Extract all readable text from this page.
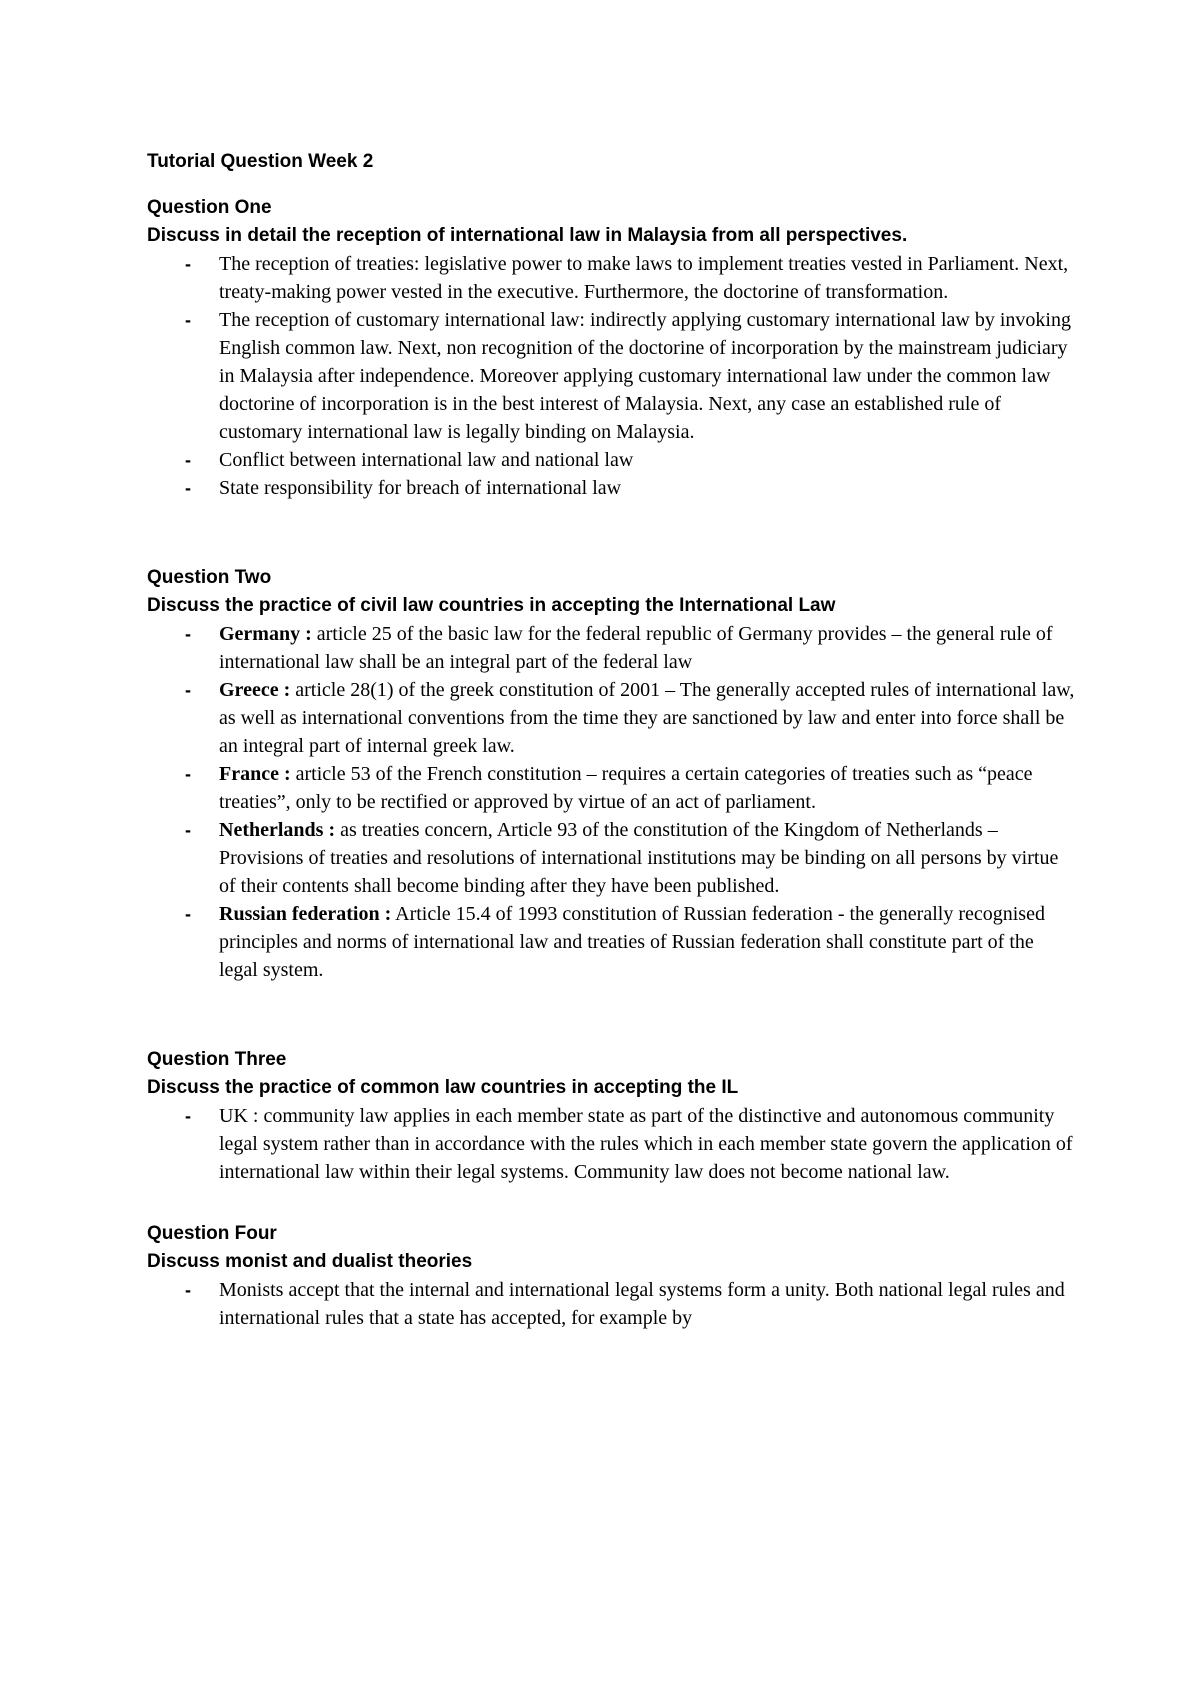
Tutorial Question Week 2

Question One

Discuss in detail the reception of international law in Malaysia from all perspectives.

- The reception of treaties: legislative power to make laws to implement treaties vested in Parliament. Next, treaty-making power vested in the executive. Furthermore, the doctorine of transformation.
- The reception of customary international law: indirectly applying customary international law by invoking English common law. Next, non recognition of the doctorine of incorporation by the mainstream judiciary in Malaysia after independence. Moreover applying customary international law under the common law doctorine of incorporation is in the best interest of Malaysia. Next, any case an established rule of customary international law is legally binding on Malaysia.
- Conflict between international law and national law
- State responsibility for breach of international law

Question Two

Discuss the practice of civil law countries in accepting the International Law

- Germany : article 25 of the basic law for the federal republic of Germany provides – the general rule of international law shall be an integral part of the federal law
- Greece : article 28(1) of the greek constitution of 2001 – The generally accepted rules of international law, as well as international conventions from the time they are sanctioned by law and enter into force shall be an integral part of internal greek law.
- France : article 53 of the French constitution – requires a certain categories of treaties such as “peace treaties”, only to be rectified or approved by virtue of an act of parliament.
- Netherlands : as treaties concern, Article 93 of the constitution of the Kingdom of Netherlands – Provisions of treaties and resolutions of international institutions may be binding on all persons by virtue of their contents shall become binding after they have been published.
- Russian federation : Article 15.4 of 1993 constitution of Russian federation - the generally recognised principles and norms of international law and treaties of Russian federation shall constitute part of the legal system.

Question Three

Discuss the practice of common law countries in accepting the IL

- UK : community law applies in each member state as part of the distinctive and autonomous community legal system rather than in accordance with the rules which in each member state govern the application of international law within their legal systems. Community law does not become national law.

Question Four

Discuss monist and dualist theories

- Monists accept that the internal and international legal systems form a unity. Both national legal rules and international rules that a state has accepted, for example by
